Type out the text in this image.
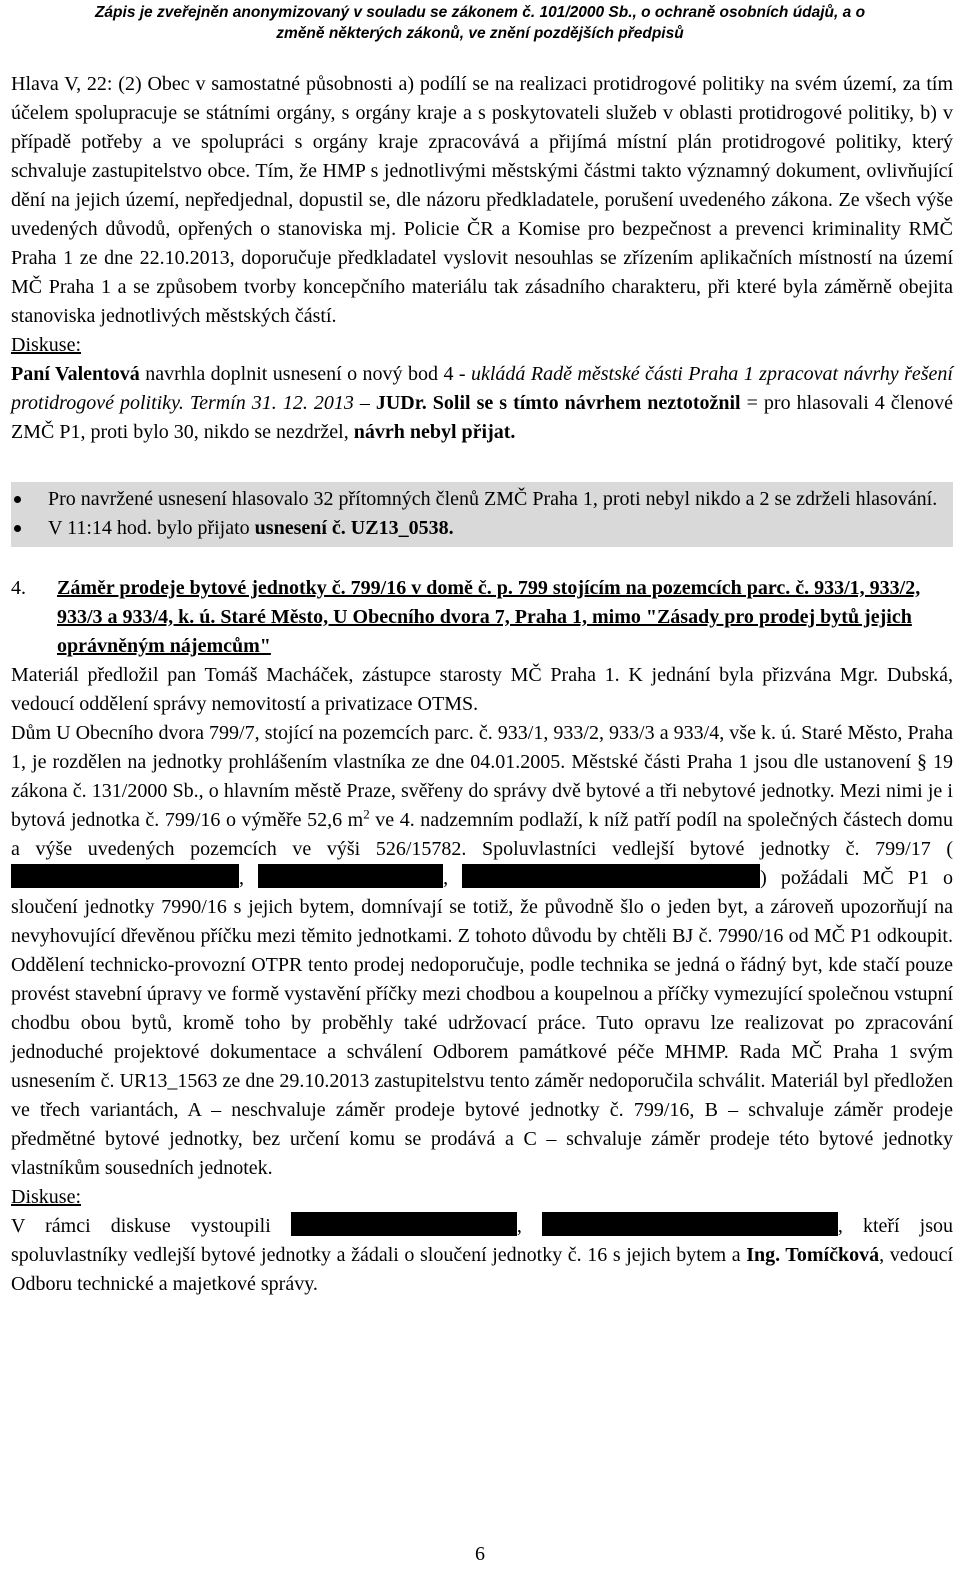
Zápis je zveřejněn anonymizovaný v souladu se zákonem č. 101/2000 Sb., o ochraně osobních údajů, a o
změně některých zákonů, ve znění pozdějších předpisů

Hlava V, 22: (2) Obec v samostatné působnosti a) podílí se na realizaci protidrogové politiky na svém území, za tím účelem spolupracuje se státními orgány, s orgány kraje a s poskytovateli služeb v oblasti protidrogové politiky, b) v případě potřeby a ve spolupráci s orgány kraje zpracovává a přijímá místní plán protidrogové politiky, který schvaluje zastupitelstvo obce. Tím, že HMP s jednotlivými městskými částmi takto významný dokument, ovlivňující dění na jejich území, nepředjednal, dopustil se, dle názoru předkladatele, porušení uvedeného zákona. Ze všech výše uvedených důvodů, opřených o stanoviska mj. Policie ČR a Komise pro bezpečnost a prevenci kriminality RMČ Praha 1 ze dne 22.10.2013, doporučuje předkladatel vyslovit nesouhlas se zřízením aplikačních místností na území MČ Praha 1 a se způsobem tvorby koncepčního materiálu tak zásadního charakteru, při které byla záměrně obejita stanoviska jednotlivých městských částí.

Diskuse:

Paní Valentová navrhla doplnit usnesení o nový bod 4 - ukládá Radě městské části Praha 1 zpracovat návrhy řešení protidrogové politiky. Termín 31. 12. 2013 – JUDr. Solil se s tímto návrhem neztotožnil = pro hlasovali 4 členové ZMČ P1, proti bylo 30, nikdo se nezdržel, návrh nebyl přijat.

Pro navržené usnesení hlasovalo 32 přítomných členů ZMČ Praha 1, proti nebyl nikdo a 2 se zdrželi hlasování.
V 11:14 hod. bylo přijato usnesení č. UZ13_0538.
4. Záměr prodeje bytové jednotky č. 799/16 v domě č. p. 799 stojícím na pozemcích parc. č. 933/1, 933/2, 933/3 a 933/4, k. ú. Staré Město, U Obecního dvora 7, Praha 1, mimo "Zásady pro prodej bytů jejich oprávněným nájemcům"

Materiál předložil pan Tomáš Macháček, zástupce starosty MČ Praha 1. K jednání byla přizvána Mgr. Dubská, vedoucí oddělení správy nemovitostí a privatizace OTMS.

Dům U Obecního dvora 799/7, stojící na pozemcích parc. č. 933/1, 933/2, 933/3 a 933/4, vše k. ú. Staré Město, Praha 1, je rozdělen na jednotky prohlášením vlastníka ze dne 04.01.2005. Městské části Praha 1 jsou dle ustanovení § 19 zákona č. 131/2000 Sb., o hlavním městě Praze, svěřeny do správy dvě bytové a tři nebytové jednotky. Mezi nimi je i bytová jednotka č. 799/16 o výměře 52,6 $m^2$ ve 4. nadzemním podlaží, k níž patří podíl na společných částech domu a výše uvedených pozemcích ve výši 526/15782. Spoluvlastníci vedlejší bytové jednotky č. 799/17 (,	,	) požádali MČ P1 o sloučení jednotky 7990/16 s jejich bytem, domnívají se totiž, že původně šlo o jeden byt, a zároveň upozorňují na nevyhovující dřevěnou příčku mezi těmito jednotkami. Z tohoto důvodu by chtěli BJ č. 7990/16 od MČ P1 odkoupit. Oddělení technicko-provozní OTPR tento prodej nedoporučuje, podle technika se jedná o řádný byt, kde stačí pouze provést stavební úpravy ve formě vystavění příčky mezi chodbou a koupelnou a příčky vymezující společnou vstupní chodbu obou bytů, kromě toho by proběhly také udržovací práce. Tuto opravu lze realizovat po zpracování jednoduché projektové dokumentace a schválení Odborem památkové péče MHMP. Rada MČ Praha 1 svým usnesením č. UR13_1563 ze dne 29.10.2013 zastupitelstvu tento záměr nedoporučila schválit. Materiál byl předložen ve třech variantách, A – neschvaluje záměr prodeje bytové jednotky č. 799/16, B – schvaluje záměr prodeje předmětné bytové jednotky, bez určení komu se prodává a C – schvaluje záměr prodeje této bytové jednotky vlastníkům sousedních jednotek.

Diskuse:

V rámci diskuse vystoupili	,	, kteří jsou spoluvlastníky vedlejší bytové jednotky a žádali o sloučení jednotky č. 16 s jejich bytem a Ing. Tomíčková, vedoucí Odboru technické a majetkové správy.

6
